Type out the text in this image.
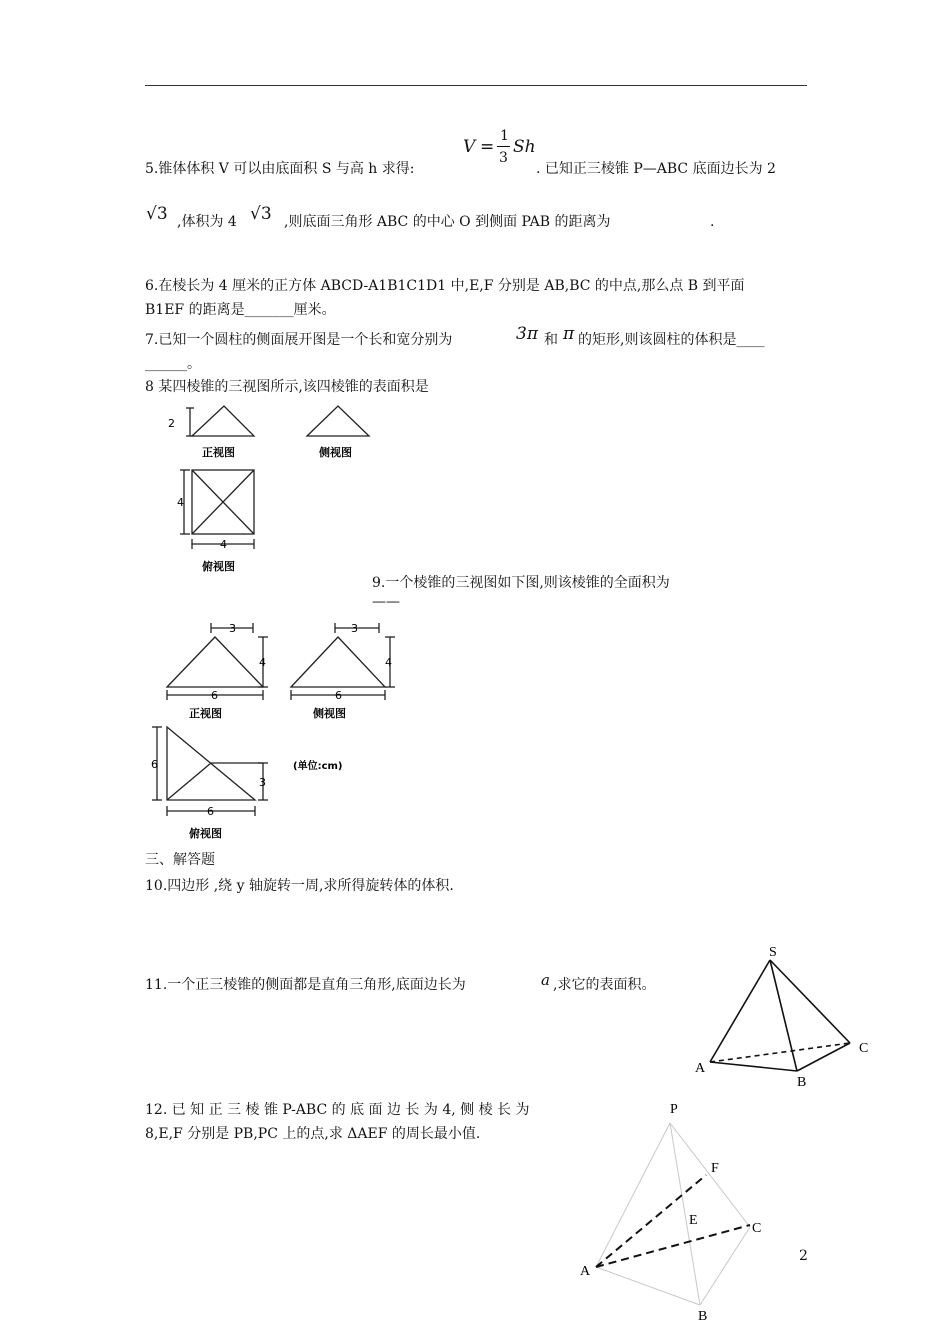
5.锥体体积 V 可以由底面积 S 与高 h 求得:
V =
1
3
Sh
. 已知正三棱锥 P—ABC 底面边长为 2
√3 ,体积为 4 √3 ,则底面三角形 ABC 的中心 O 到侧面 PAB 的距离为	.
6.在棱长为 4 厘米的正方体 ABCD-A1B1C1D1 中,E,F 分别是 AB,BC 的中点,那么点 B 到平面
B1EF 的距离是_______厘米。
7.已知一个圆柱的侧面展开图是一个长和宽分别为	3π 和 π 的矩形,则该圆柱的体积是____
______。
8 某四棱锥的三视图所示,该四棱锥的表面积是
2
4
4
正视图	侧视图
俯视图
9.一个棱锥的三视图如下图,则该棱锥的全面积为
——
3
4
6
3
4
6
正视图	侧视图
6
6
3
(单位:cm)
俯视图
三、解答题
10.四边形 ,绕 y 轴旋转一周,求所得旋转体的体积.
11.一个正三棱锥的侧面都是直角三角形,底面边长为	a ,求它的表面积。
S
A
B
C
12. 已 知 正 三 棱 锥 P-ABC 的 底 面 边 长 为 4, 侧 棱 长 为
8,E,F 分别是 PB,PC 上的点,求 ΔAEF 的周长最小值.
P
F
E
C
A
B
2
